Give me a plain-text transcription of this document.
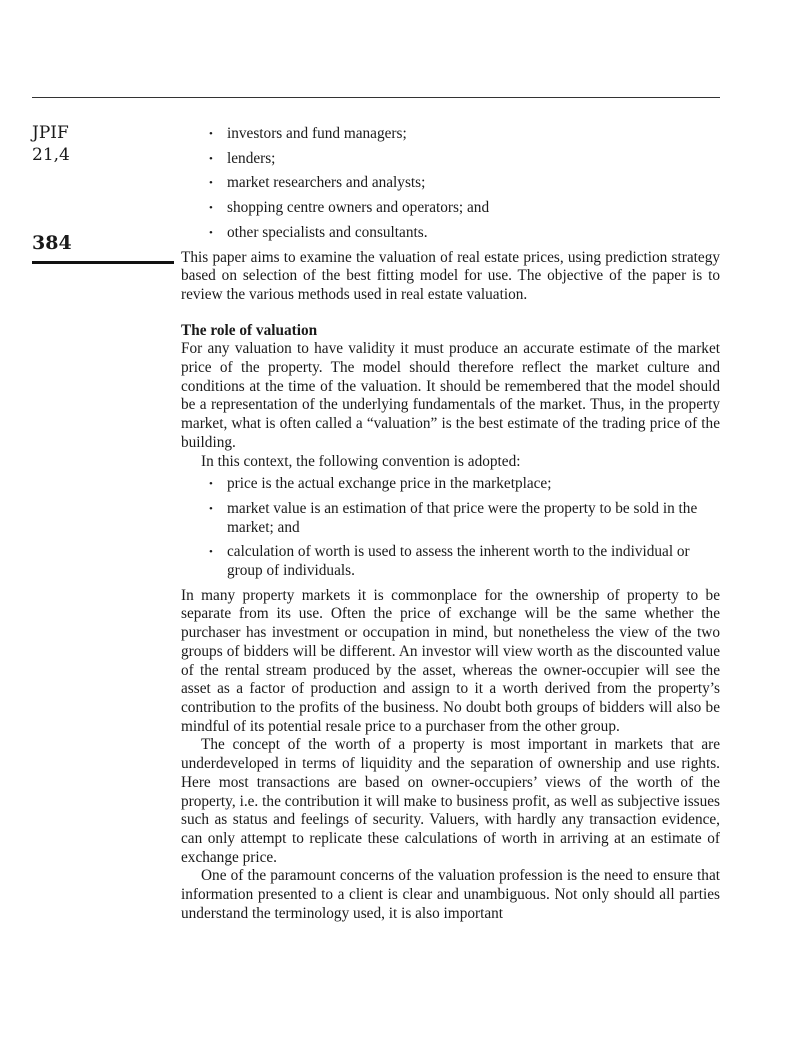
JPIF
21,4
384
• investors and fund managers;
• lenders;
• market researchers and analysts;
• shopping centre owners and operators; and
• other specialists and consultants.

This paper aims to examine the valuation of real estate prices, using prediction strategy based on selection of the best fitting model for use. The objective of the paper is to review the various methods used in real estate valuation.

The role of valuation

For any valuation to have validity it must produce an accurate estimate of the market price of the property. The model should therefore reflect the market culture and conditions at the time of the valuation. It should be remembered that the model should be a representation of the underlying fundamentals of the market. Thus, in the property market, what is often called a “valuation” is the best estimate of the trading price of the building.

In this context, the following convention is adopted:

• price is the actual exchange price in the marketplace;
• market value is an estimation of that price were the property to be sold in the market; and
• calculation of worth is used to assess the inherent worth to the individual or group of individuals.

In many property markets it is commonplace for the ownership of property to be separate from its use. Often the price of exchange will be the same whether the purchaser has investment or occupation in mind, but nonetheless the view of the two groups of bidders will be different. An investor will view worth as the discounted value of the rental stream produced by the asset, whereas the owner-occupier will see the asset as a factor of production and assign to it a worth derived from the property’s contribution to the profits of the business. No doubt both groups of bidders will also be mindful of its potential resale price to a purchaser from the other group.

The concept of the worth of a property is most important in markets that are underdeveloped in terms of liquidity and the separation of ownership and use rights. Here most transactions are based on owner-occupiers’ views of the worth of the property, i.e. the contribution it will make to business profit, as well as subjective issues such as status and feelings of security. Valuers, with hardly any transaction evidence, can only attempt to replicate these calculations of worth in arriving at an estimate of exchange price.

One of the paramount concerns of the valuation profession is the need to ensure that information presented to a client is clear and unambiguous. Not only should all parties understand the terminology used, it is also important
